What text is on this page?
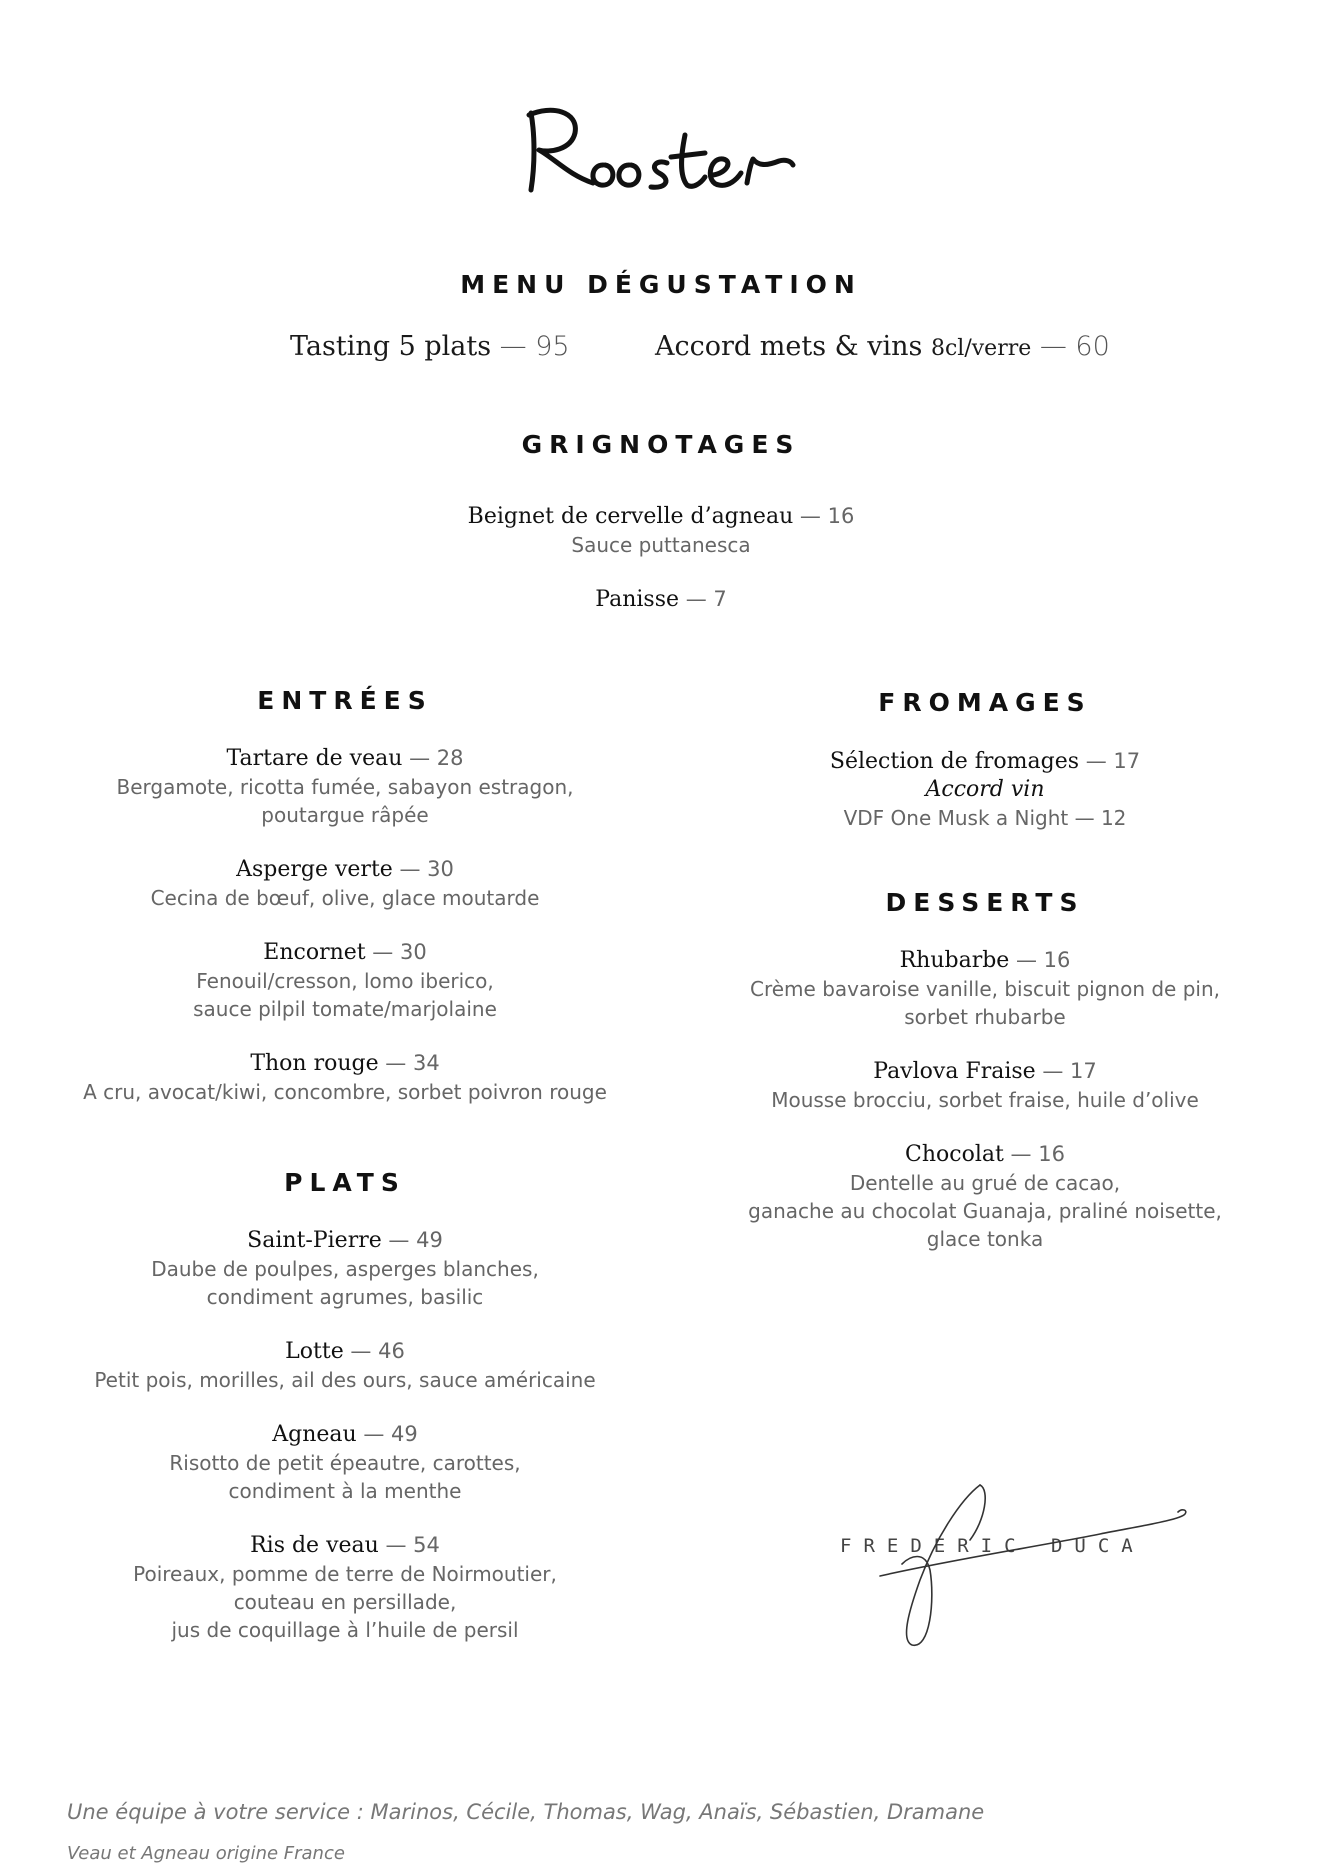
MENU DÉGUSTATION
Tasting 5 plats — 95	Accord mets & vins 8cl/verre — 60
GRIGNOTAGES
Beignet de cervelle d’agneau — 16
Sauce puttanesca
Panisse — 7
ENTRÉES
Tartare de veau — 28
Bergamote, ricotta fumée, sabayon estragon,
poutargue râpée
Asperge verte — 30
Cecina de bœuf, olive, glace moutarde
Encornet — 30
Fenouil/cresson, lomo iberico,
sauce pilpil tomate/marjolaine
Thon rouge — 34
A cru, avocat/kiwi, concombre, sorbet poivron rouge
PLATS
Saint-Pierre — 49
Daube de poulpes, asperges blanches,
condiment agrumes, basilic
Lotte — 46
Petit pois, morilles, ail des ours, sauce américaine
Agneau — 49
Risotto de petit épeautre, carottes,
condiment à la menthe
Ris de veau — 54
Poireaux, pomme de terre de Noirmoutier,
couteau en persillade,
jus de coquillage à l’huile de persil
FROMAGES
Sélection de fromages — 17
Accord vin
VDF One Musk a Night — 12
DESSERTS
Rhubarbe — 16
Crème bavaroise vanille, biscuit pignon de pin,
sorbet rhubarbe
Pavlova Fraise — 17
Mousse brocciu, sorbet fraise, huile d’olive
Chocolat — 16
Dentelle au grué de cacao,
ganache au chocolat Guanaja, praliné noisette,
glace tonka
FREDERIC DUCA
Une équipe à votre service : Marinos, Cécile, Thomas, Wag, Anaïs, Sébastien, Dramane
Veau et Agneau origine France
